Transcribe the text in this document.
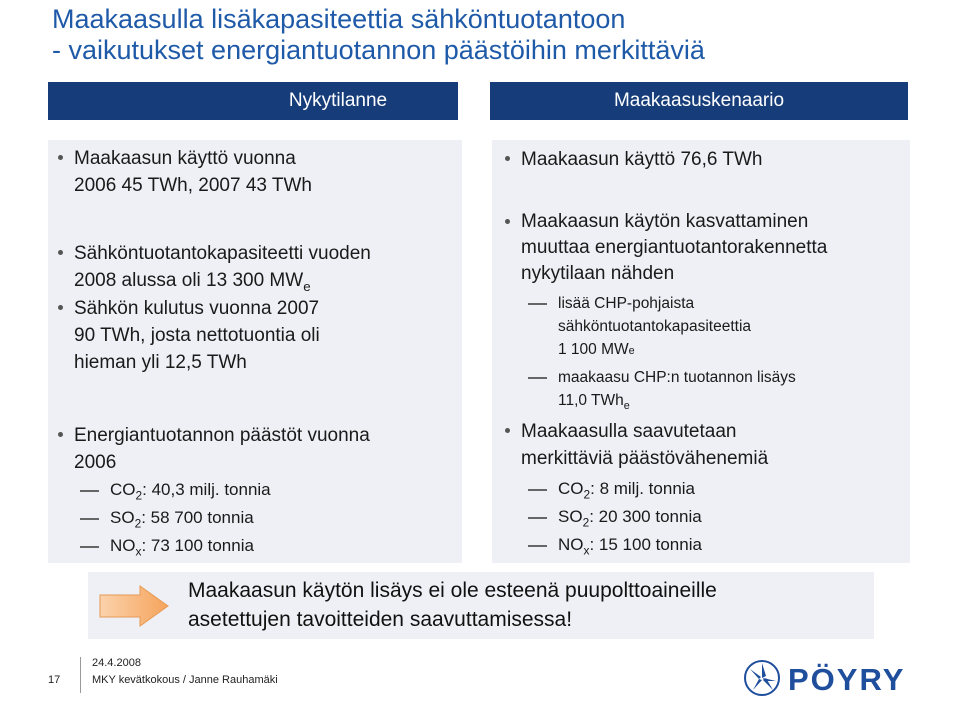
Maakaasulla lisäkapasiteettia sähköntuotantoon
- vaikutukset energiantuotannon päästöihin merkittäviä
Nykytilanne	Maakaasuskenaario
Maakaasun käyttö vuonna
2006 45 TWh, 2007 43 TWh
Sähköntuotantokapasiteetti vuoden
2008 alussa oli 13 300 $MW_e$
Sähkön kulutus vuonna 2007
90 TWh, josta nettotuontia oli
hieman yli 12,5 TWh
Energiantuotannon päästöt vuonna
2006
$CO_2$: 40,3 milj. tonnia
$SO_2$: 58 700 tonnia
$NO_x$: 73 100 tonnia
Maakaasun käyttö 76,6 TWh
Maakaasun käytön kasvattaminen
muuttaa energiantuotantorakennetta
nykytilaan nähden
lisää CHP-pohjaista
sähköntuotantokapasiteettia
1 100 MWe
maakaasu CHP:n tuotannon lisäys
11,0 TWh$_e$
Maakaasulla saavutetaan
merkittäviä päästövähenemiä
$CO_2$: 8 milj. tonnia
$SO_2$: 20 300 tonnia
$NO_x$: 15 100 tonnia
Maakaasun käytön lisäys ei ole esteenä puupolttoaineille
asetettujen tavoitteiden saavuttamisessa!
17
24.4.2008
MKY kevätkokous / Janne Rauhamäki	PÖYRY
